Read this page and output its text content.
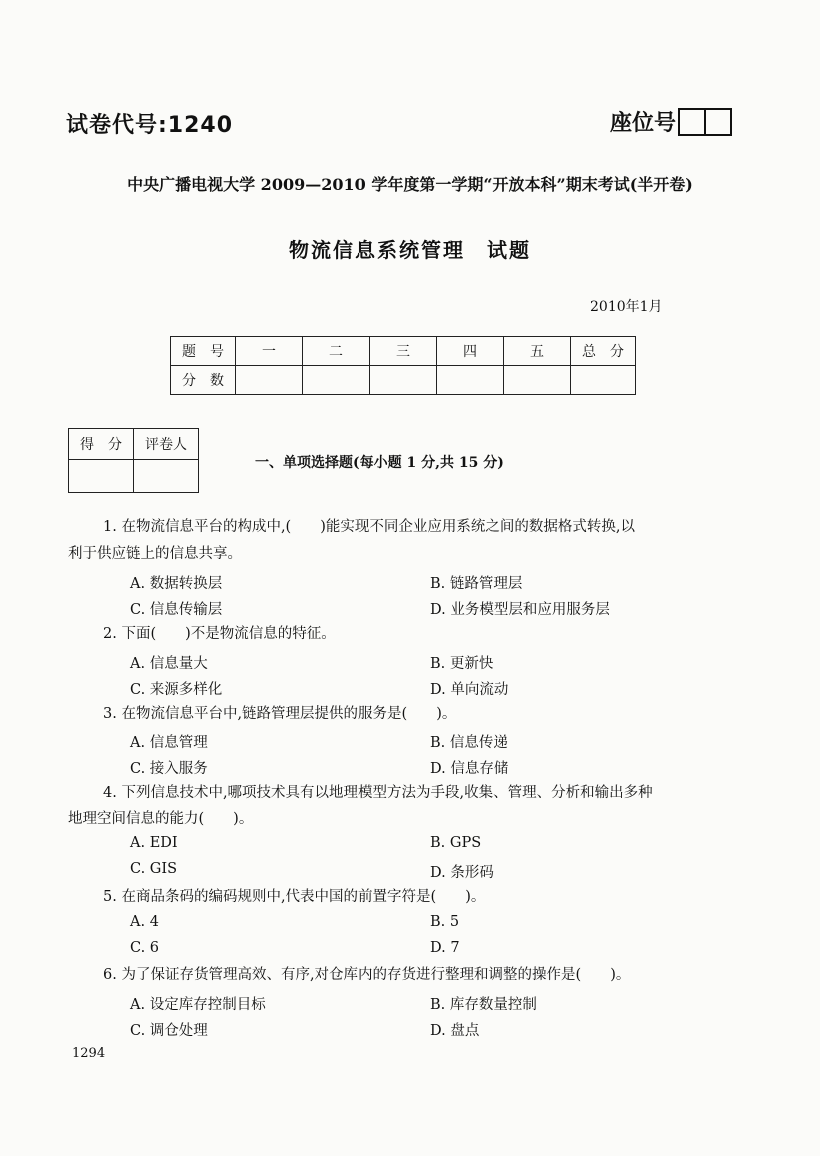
试卷代号:1240	座位号
中央广播电视大学 2009—2010 学年度第一学期“开放本科”期末考试(半开卷)
物流信息系统管理　试题
2010年1月
题　号	一	二	三	四	五	总　分
分　数						
得　分	评卷人

一、单项选择题(每小题 1 分,共 15 分)
1. 在物流信息平台的构成中,(　　)能实现不同企业应用系统之间的数据格式转换,以
利于供应链上的信息共享。
A. 数据转换层	B. 链路管理层
C. 信息传输层	D. 业务模型层和应用服务层
2. 下面(　　)不是物流信息的特征。
A. 信息量大	B. 更新快
C. 来源多样化	D. 单向流动
3. 在物流信息平台中,链路管理层提供的服务是(　　)。
A. 信息管理	B. 信息传递
C. 接入服务	D. 信息存储
4. 下列信息技术中,哪项技术具有以地理模型方法为手段,收集、管理、分析和输出多种
地理空间信息的能力(　　)。
A. EDI	B. GPS
C. GIS	D. 条形码
5. 在商品条码的编码规则中,代表中国的前置字符是(　　)。
A. 4	B. 5
C. 6	D. 7
6. 为了保证存货管理高效、有序,对仓库内的存货进行整理和调整的操作是(　　)。
A. 设定库存控制目标	B. 库存数量控制
C. 调仓处理	D. 盘点
1294
